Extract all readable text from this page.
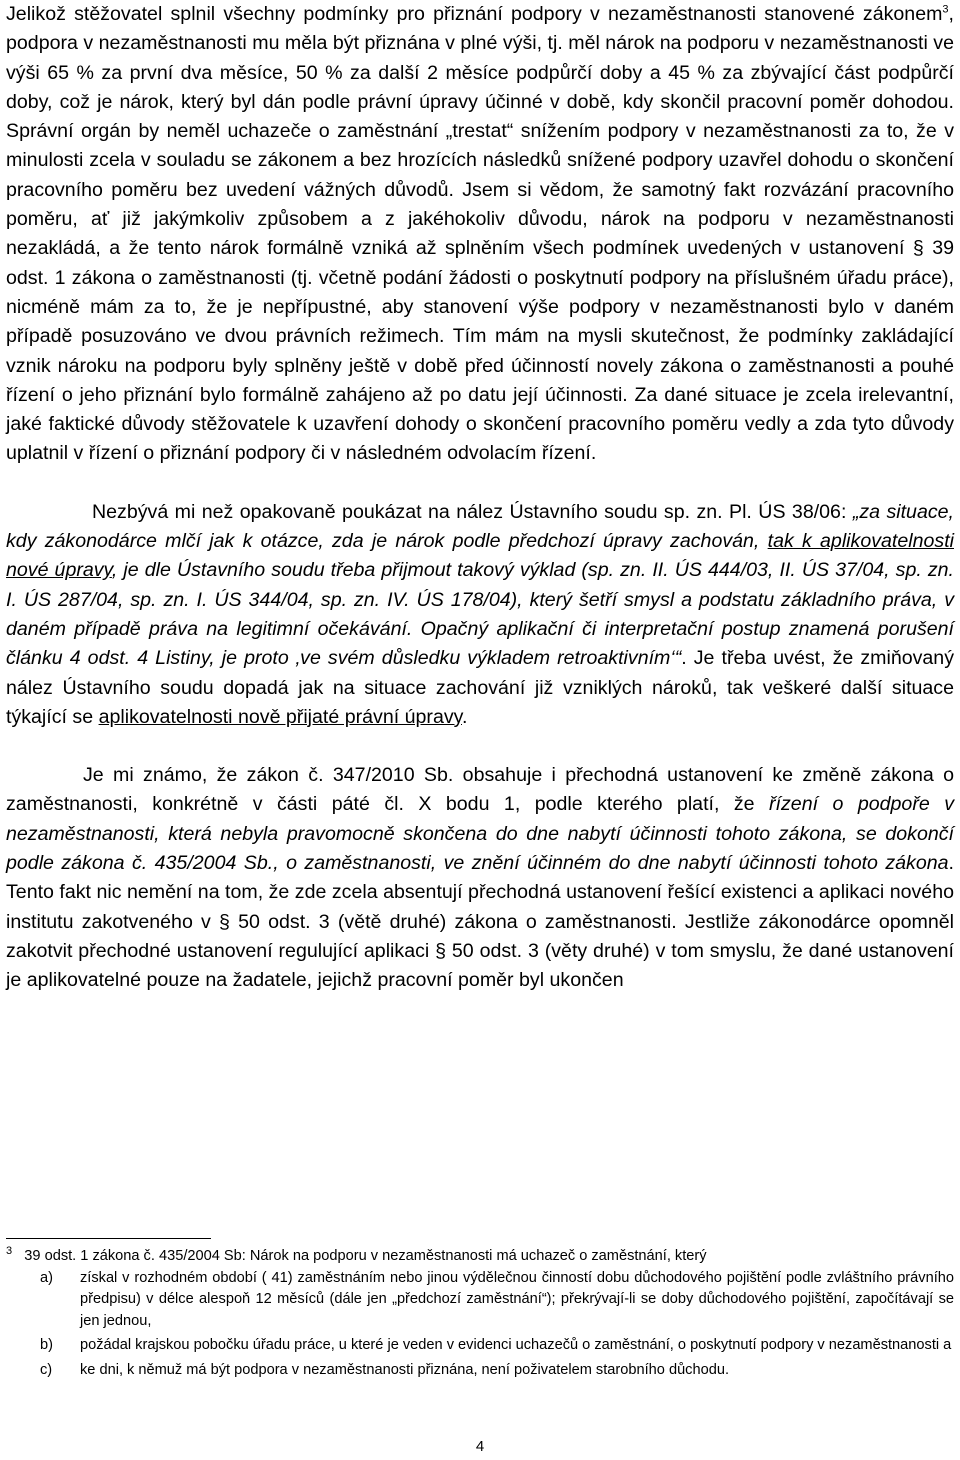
Jelikož stěžovatel splnil všechny podmínky pro přiznání podpory v nezaměstnanosti stanovené zákonem$^3$, podpora v nezaměstnanosti mu měla být přiznána v plné výši, tj. měl nárok na podporu v nezaměstnanosti ve výši 65 % za první dva měsíce, 50 % za další 2 měsíce podpůrčí doby a 45 % za zbývající část podpůrčí doby, což je nárok, který byl dán podle právní úpravy účinné v době, kdy skončil pracovní poměr dohodou. Správní orgán by neměl uchazeče o zaměstnání „trestat“ snížením podpory v nezaměstnanosti za to, že v minulosti zcela v souladu se zákonem a bez hrozících následků snížené podpory uzavřel dohodu o skončení pracovního poměru bez uvedení vážných důvodů. Jsem si vědom, že samotný fakt rozvázání pracovního poměru, ať již jakýmkoliv způsobem a z jakéhokoliv důvodu, nárok na podporu v nezaměstnanosti nezakládá, a že tento nárok formálně vzniká až splněním všech podmínek uvedených v ustanovení § 39 odst. 1 zákona o zaměstnanosti (tj. včetně podání žádosti o poskytnutí podpory na příslušném úřadu práce), nicméně mám za to, že je nepřípustné, aby stanovení výše podpory v nezaměstnanosti bylo v daném případě posuzováno ve dvou právních režimech. Tím mám na mysli skutečnost, že podmínky zakládající vznik nároku na podporu byly splněny ještě v době před účinností novely zákona o zaměstnanosti a pouhé řízení o jeho přiznání bylo formálně zahájeno až po datu její účinnosti. Za dané situace je zcela irelevantní, jaké faktické důvody stěžovatele k uzavření dohody o skončení pracovního poměru vedly a zda tyto důvody uplatnil v řízení o přiznání podpory či v následném odvolacím řízení.

Nezbývá mi než opakovaně poukázat na nález Ústavního soudu sp. zn. Pl. ÚS 38/06: „za situace, kdy zákonodárce mlčí jak k otázce, zda je nárok podle předchozí úpravy zachován, tak k aplikovatelnosti nové úpravy, je dle Ústavního soudu třeba přijmout takový výklad (sp. zn. II. ÚS 444/03, II. ÚS 37/04, sp. zn. I. ÚS 287/04, sp. zn. I. ÚS 344/04, sp. zn. IV. ÚS 178/04), který šetří smysl a podstatu základního práva, v daném případě práva na legitimní očekávání. Opačný aplikační či interpretační postup znamená porušení článku 4 odst. 4 Listiny, je proto ‚ve svém důsledku výkladem retroaktivním‘“. Je třeba uvést, že zmiňovaný nález Ústavního soudu dopadá jak na situace zachování již vzniklých nároků, tak veškeré další situace týkající se aplikovatelnosti nově přijaté právní úpravy.

Je mi známo, že zákon č. 347/2010 Sb. obsahuje i přechodná ustanovení ke změně zákona o zaměstnanosti, konkrétně v části páté čl. X bodu 1, podle kterého platí, že řízení o podpoře v nezaměstnanosti, která nebyla pravomocně skončena do dne nabytí účinnosti tohoto zákona, se dokončí podle zákona č. 435/2004 Sb., o zaměstnanosti, ve znění účinném do dne nabytí účinnosti tohoto zákona. Tento fakt nic nemění na tom, že zde zcela absentují přechodná ustanovení řešící existenci a aplikaci nového institutu zakotveného v § 50 odst. 3 (větě druhé) zákona o zaměstnanosti. Jestliže zákonodárce opomněl zakotvit přechodné ustanovení regulující aplikaci § 50 odst. 3 (věty druhé) v tom smyslu, že dané ustanovení je aplikovatelné pouze na žadatele, jejichž pracovní poměr byl ukončen

$^3$ 39 odst. 1 zákona č. 435/2004 Sb: Nárok na podporu v nezaměstnanosti má uchazeč o zaměstnání, který

a)	získal v rozhodném období ( 41) zaměstnáním nebo jinou výdělečnou činností dobu důchodového pojištění podle zvláštního právního předpisu) v délce alespoň 12 měsíců (dále jen „předchozí zaměstnání“); překrývají-li se doby důchodového pojištění, započítávají se jen jednou,
b)	požádal krajskou pobočku úřadu práce, u které je veden v evidenci uchazečů o zaměstnání, o poskytnutí podpory v nezaměstnanosti a
c)	ke dni, k němuž má být podpora v nezaměstnanosti přiznána, není poživatelem starobního důchodu.
4
